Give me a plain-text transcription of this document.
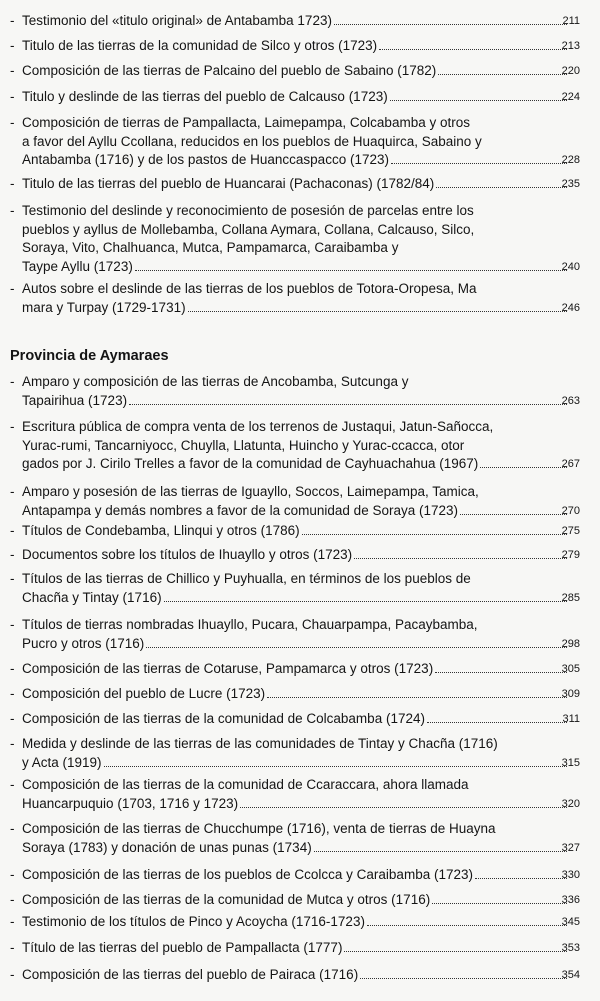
- Testimonio del «titulo original» de Antabamba 1723)	211
- Titulo de las tierras de la comunidad de Silco y otros (1723)	213
- Composición de las tierras de Palcaino del pueblo de Sabaino (1782)	220
- Titulo y deslinde de las tierras del pueblo de Calcauso (1723)	224
- Composición de tierras de Pampallacta, Laimepampa, Colcabamba y otros
a favor del Ayllu Ccollana, reducidos en los pueblos de Huaquirca, Sabaino y
Antabamba (1716) y de los pastos de Huanccaspacco (1723)	228
- Titulo de las tierras del pueblo de Huancarai (Pachaconas) (1782/84)	235
- Testimonio del deslinde y reconocimiento de posesión de parcelas entre los
pueblos y ayllus de Mollebamba, Collana Aymara, Collana, Calcauso, Silco,
Soraya, Vito, Chalhuanca, Mutca, Pampamarca, Caraibamba y
Taype Ayllu (1723)	240
- Autos sobre el deslinde de las tierras de los pueblos de Totora-Oropesa, Ma
mara y Turpay (1729-1731)	246
Provincia de Aymaraes
- Amparo y composición de las tierras de Ancobamba, Sutcunga y
Tapairihua (1723)	263
- Escritura pública de compra venta de los terrenos de Justaqui, Jatun-Sañocca,
Yurac-rumi, Tancarniyocc, Chuylla, Llatunta, Huincho y Yurac-ccacca, otor
gados por J. Cirilo Trelles a favor de la comunidad de Cayhuachahua (1967)	267
- Amparo y posesión de las tierras de Iguayllo, Soccos, Laimepampa, Tamica,
Antapampa y demás nombres a favor de la comunidad de Soraya (1723)	270
- Títulos de Condebamba, Llinqui y otros (1786)	275
- Documentos sobre los títulos de Ihuayllo y otros (1723)	279
- Títulos de las tierras de Chillico y Puyhualla, en términos de los pueblos de
Chacña y Tintay (1716)	285
- Títulos de tierras nombradas Ihuayllo, Pucara, Chauarpampa, Pacaybamba,
Pucro y otros (1716)	298
- Composición de las tierras de Cotaruse, Pampamarca y otros (1723)	305
- Composición del pueblo de Lucre (1723)	309
- Composición de las tierras de la comunidad de Colcabamba (1724)	311
- Medida y deslinde de las tierras de las comunidades de Tintay y Chacña (1716)
y Acta (1919)	315
- Composición de las tierras de la comunidad de Ccaraccara, ahora llamada
Huancarpuquio (1703, 1716 y 1723)	320
- Composición de las tierras de Chucchumpe (1716), venta de tierras de Huayna
Soraya (1783) y donación de unas punas (1734)	327
- Composición de las tierras de los pueblos de Ccolcca y Caraibamba (1723)	330
- Composición de las tierras de la comunidad de Mutca y otros (1716)	336
- Testimonio de los títulos de Pinco y Acoycha (1716-1723)	345
- Título de las tierras del pueblo de Pampallacta (1777)	353
- Composición de las tierras del pueblo de Pairaca (1716)	354
